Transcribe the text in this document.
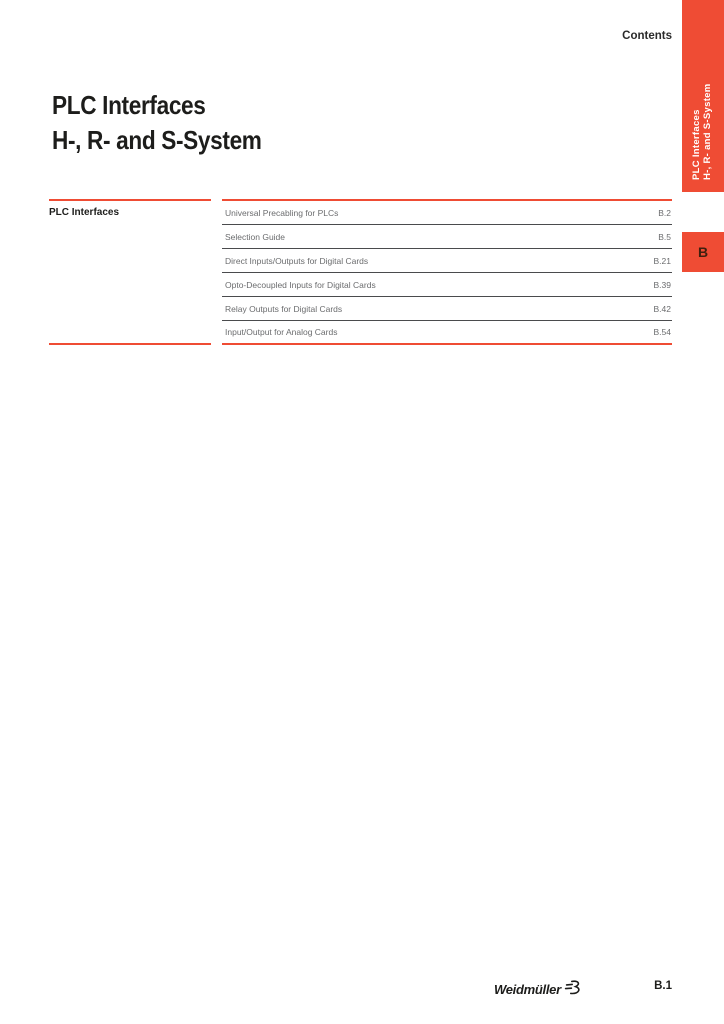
Contents
PLC Interfaces H-, R- and S-System
B
PLC Interfaces
H-, R- and S-System
PLC Interfaces	Universal Precabling for PLCs	B.2
Selection Guide	B.5
Direct Inputs/Outputs for Digital Cards	B.21
Opto-Decoupled Inputs for Digital Cards	B.39
Relay Outputs for Digital Cards	B.42
Input/Output for Analog Cards	B.54
Weidmüller	B.1
